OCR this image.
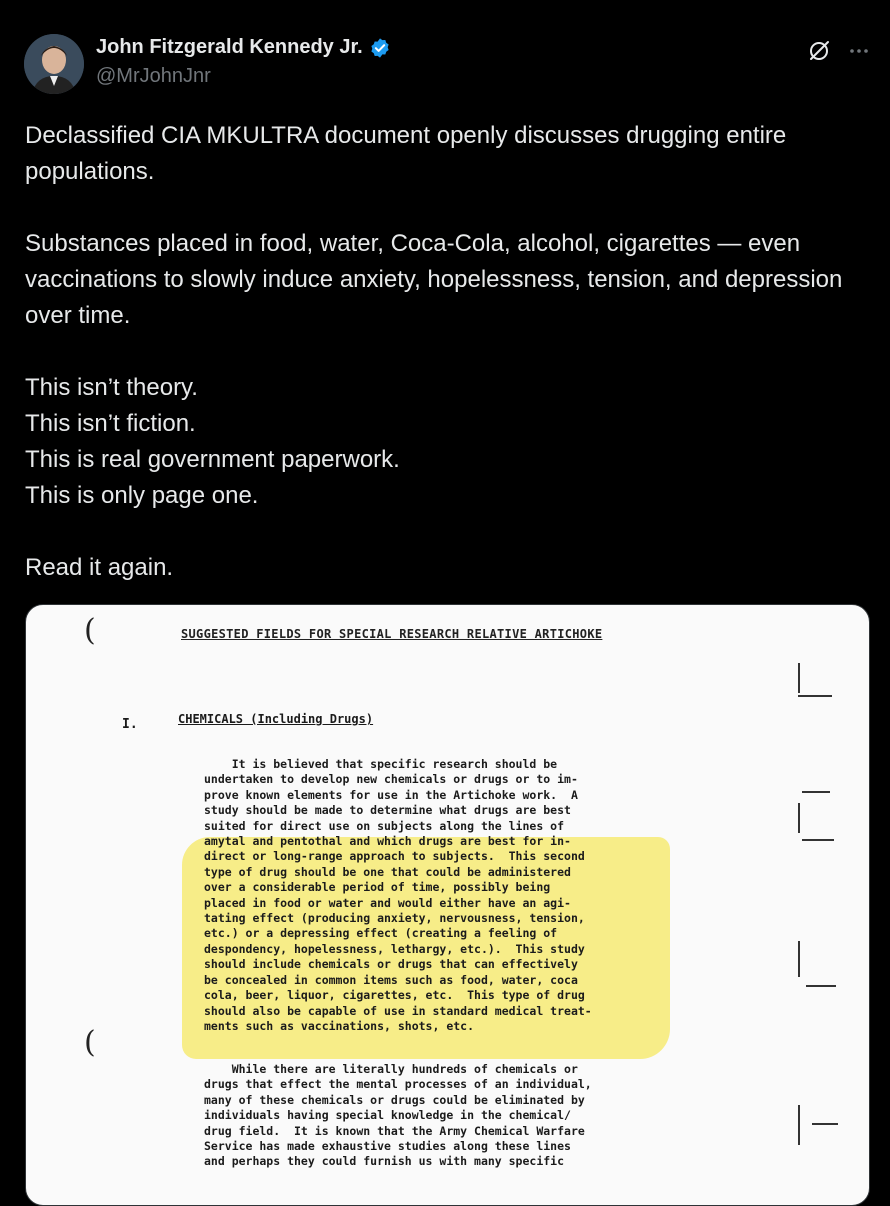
John Fitzgerald Kennedy Jr.
@MrJohnJnr
Declassified CIA MKULTRA document openly discusses drugging entire populations.

Substances placed in food, water, Coca-Cola, alcohol, cigarettes — even vaccinations to slowly induce anxiety, hopelessness, tension, and depression over time.

This isn’t theory.
This isn’t fiction.
This is real government paperwork.
This is only page one.

Read it again.
(
(
SUGGESTED FIELDS FOR SPECIAL RESEARCH RELATIVE ARTICHOKE
I.	CHEMICALS (Including Drugs)
It is believed that specific research should be
undertaken to develop new chemicals or drugs or to im-
prove known elements for use in the Artichoke work.  A
study should be made to determine what drugs are best
suited for direct use on subjects along the lines of
amytal and pentothal and which drugs are best for in-
direct or long-range approach to subjects.  This second
type of drug should be one that could be administered
over a considerable period of time, possibly being
placed in food or water and would either have an agi-
tating effect (producing anxiety, nervousness, tension,
etc.) or a depressing effect (creating a feeling of
despondency, hopelessness, lethargy, etc.).  This study
should include chemicals or drugs that can effectively
be concealed in common items such as food, water, coca
cola, beer, liquor, cigarettes, etc.  This type of drug
should also be capable of use in standard medical treat-
ments such as vaccinations, shots, etc.
While there are literally hundreds of chemicals or
drugs that effect the mental processes of an individual,
many of these chemicals or drugs could be eliminated by
individuals having special knowledge in the chemical/
drug field.  It is known that the Army Chemical Warfare
Service has made exhaustive studies along these lines
and perhaps they could furnish us with many specific
